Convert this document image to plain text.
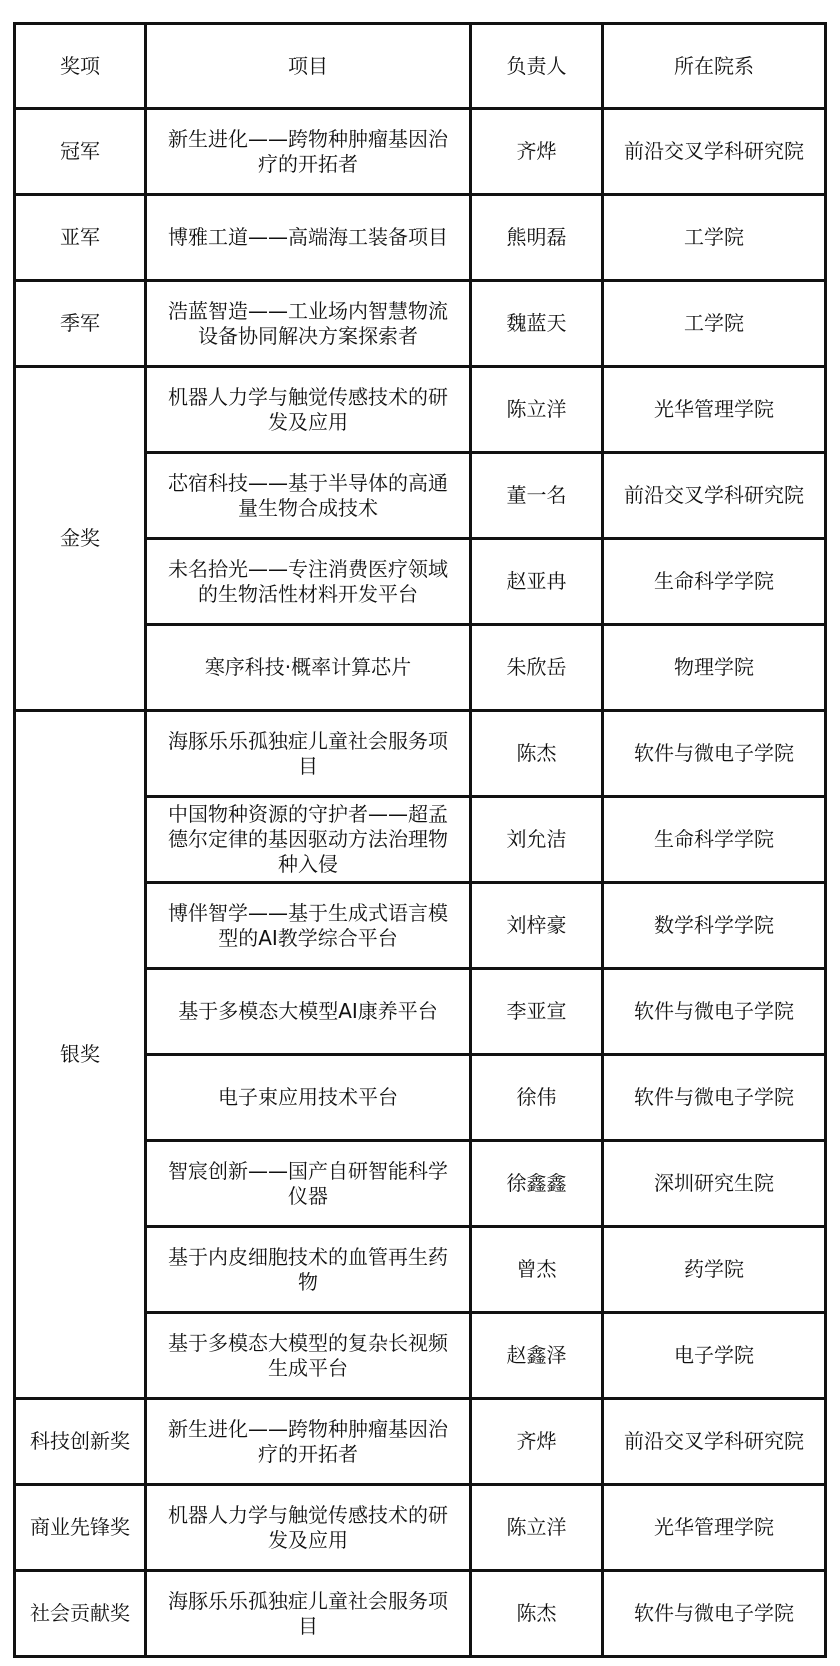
奖项	项目	负责人	所在院系
冠军	新生进化——跨物种肿瘤基因治疗的开拓者	齐烨	前沿交叉学科研究院
亚军	博雅工道——高端海工装备项目	熊明磊	工学院
季军	浩蓝智造——工业场内智慧物流设备协同解决方案探索者	魏蓝天	工学院
金奖	机器人力学与触觉传感技术的研发及应用	陈立洋	光华管理学院
	芯宿科技——基于半导体的高通量生物合成技术	董一名	前沿交叉学科研究院
	未名拾光——专注消费医疗领域的生物活性材料开发平台	赵亚冉	生命科学学院
	寒序科技·概率计算芯片	朱欣岳	物理学院
银奖	海豚乐乐孤独症儿童社会服务项目	陈杰	软件与微电子学院
	中国物种资源的守护者——超孟德尔定律的基因驱动方法治理物种入侵	刘允洁	生命科学学院
	博伴智学——基于生成式语言模型的AI教学综合平台	刘梓豪	数学科学学院
	基于多模态大模型AI康养平台	李亚宣	软件与微电子学院
	电子束应用技术平台	徐伟	软件与微电子学院
	智宸创新——国产自研智能科学仪器	徐鑫鑫	深圳研究生院
	基于内皮细胞技术的血管再生药物	曾杰	药学院
	基于多模态大模型的复杂长视频生成平台	赵鑫泽	电子学院
科技创新奖	新生进化——跨物种肿瘤基因治疗的开拓者	齐烨	前沿交叉学科研究院
商业先锋奖	机器人力学与触觉传感技术的研发及应用	陈立洋	光华管理学院
社会贡献奖	海豚乐乐孤独症儿童社会服务项目	陈杰	软件与微电子学院
